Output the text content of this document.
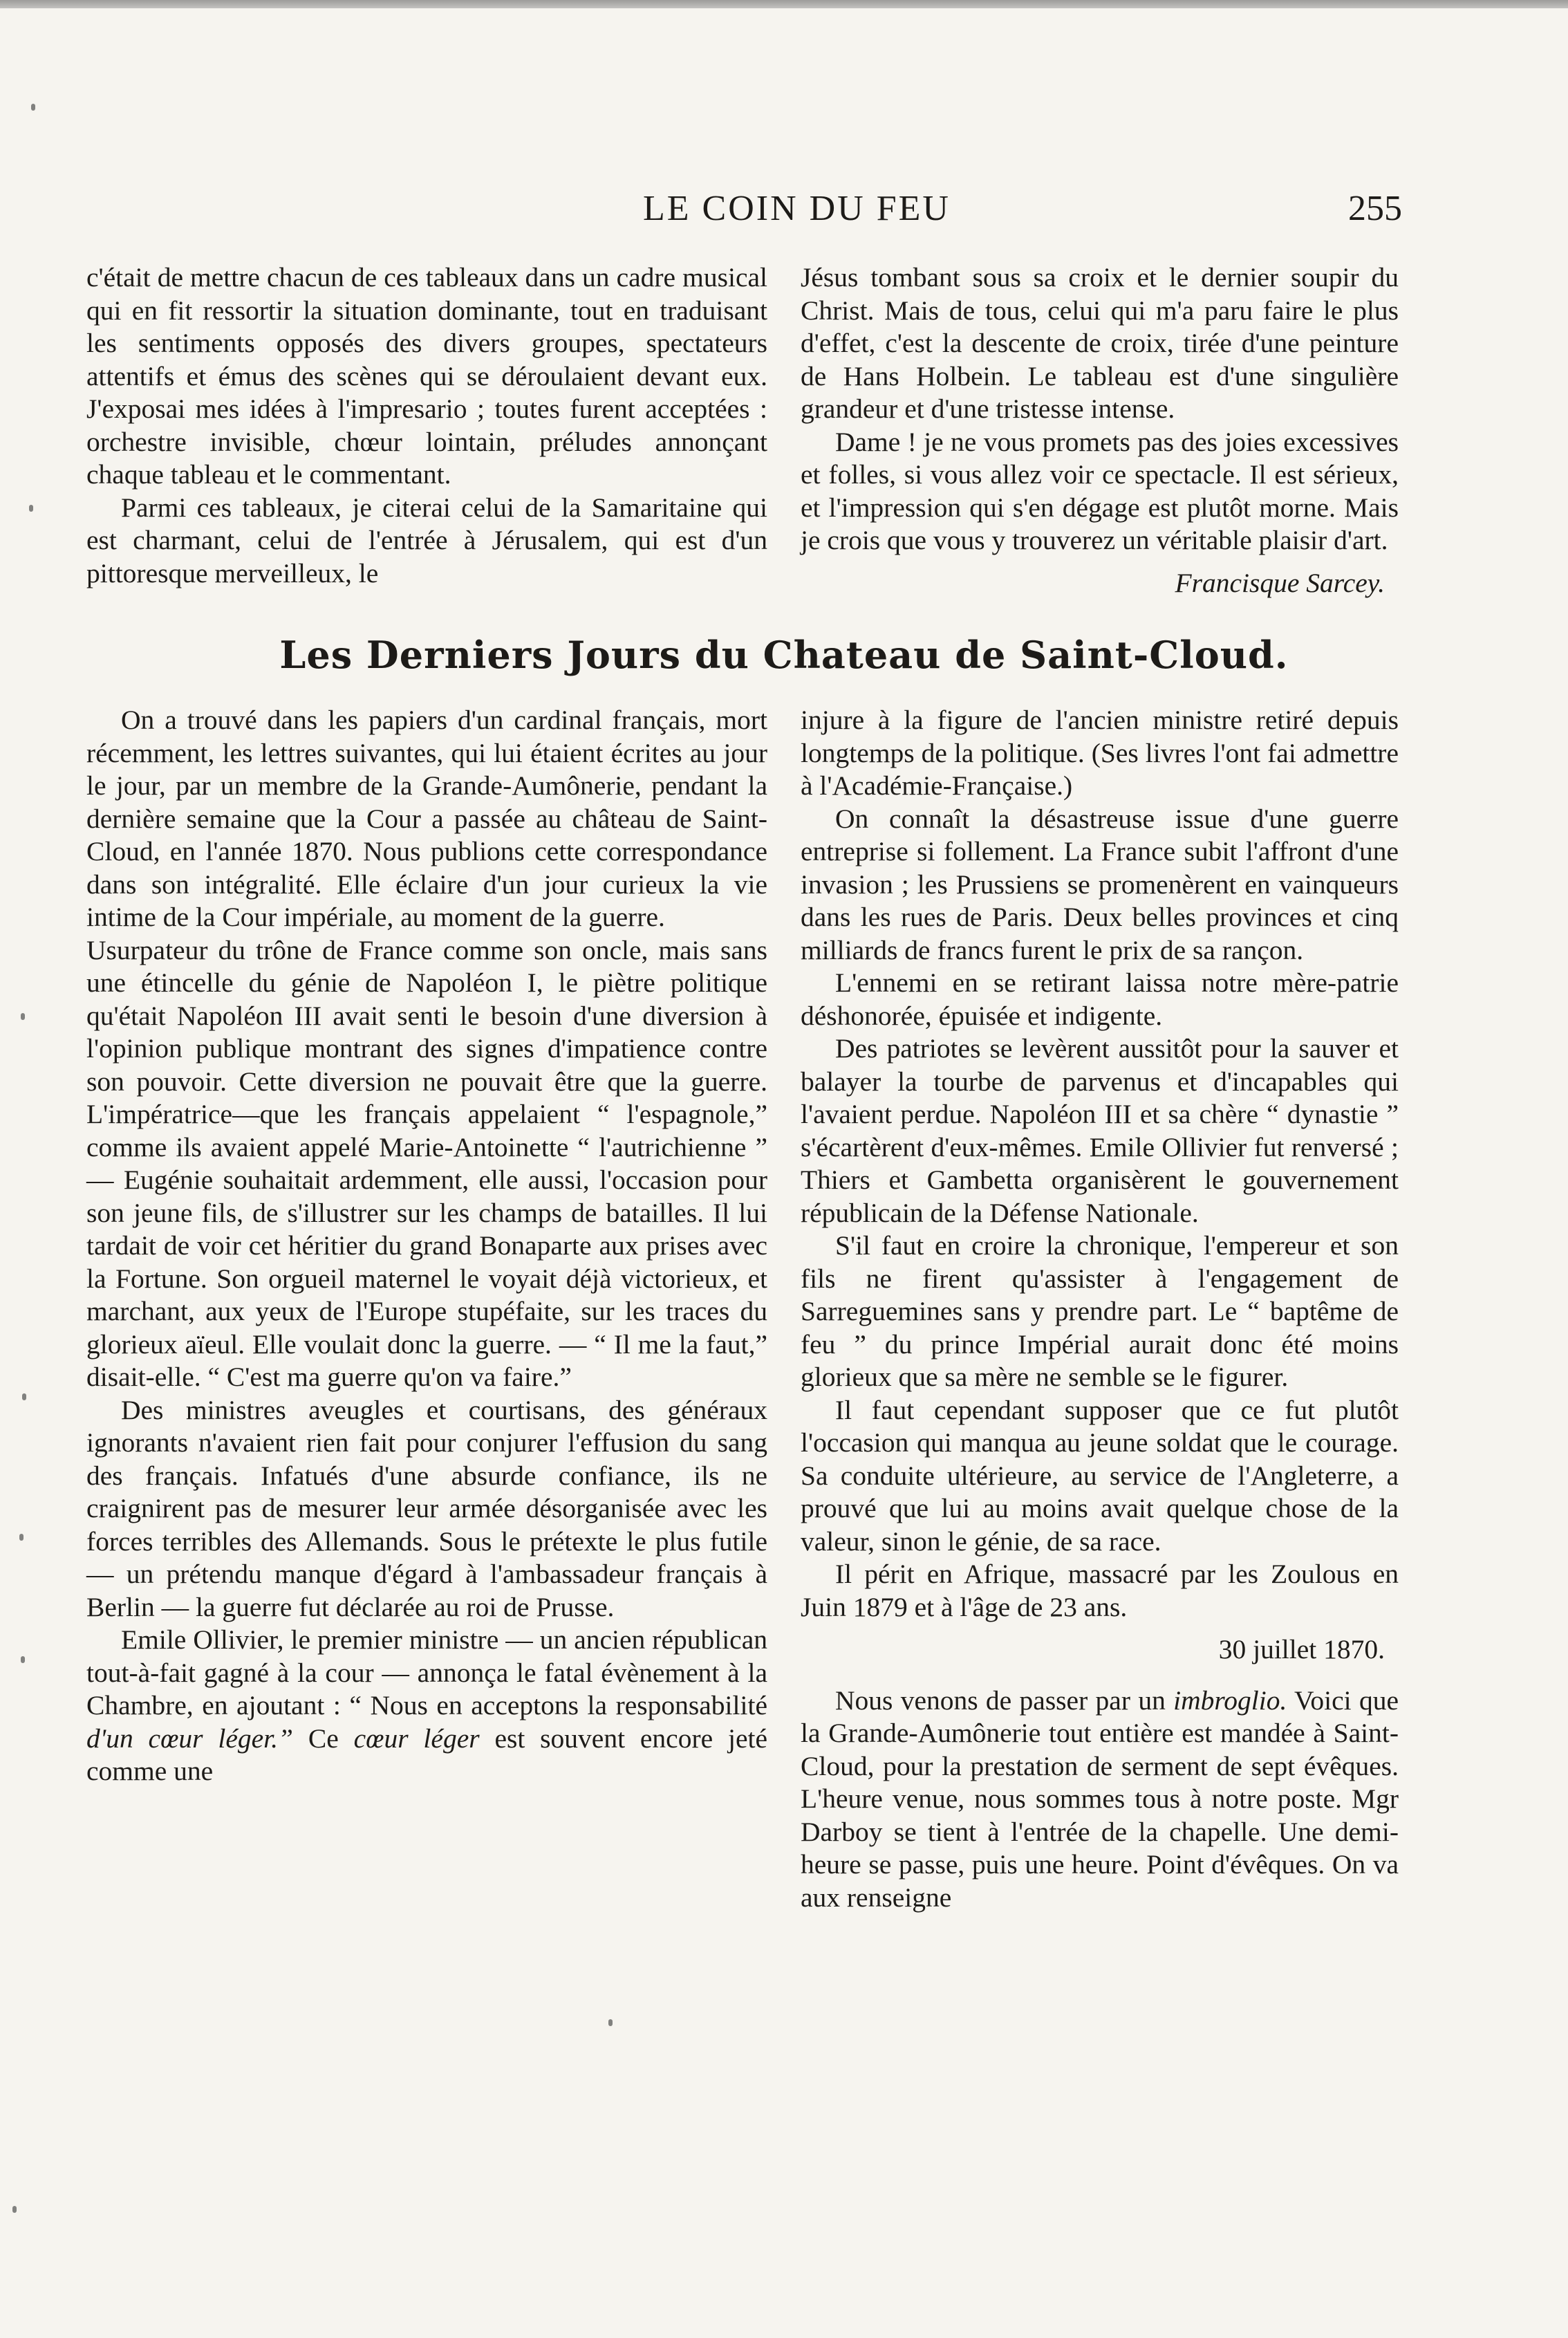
LE COIN DU FEU	255

c'était de mettre chacun de ces tableaux dans un cadre musical qui en fit ressortir la situation dominante, tout en traduisant les sentiments opposés des divers groupes, spectateurs attentifs et émus des scènes qui se déroulaient devant eux. J'exposai mes idées à l'impresario ; toutes furent acceptées : orchestre invisible, chœur lointain, préludes annonçant chaque tableau et le commentant.

Parmi ces tableaux, je citerai celui de la Samaritaine qui est charmant, celui de l'entrée à Jérusalem, qui est d'un pittoresque merveilleux, le

Jésus tombant sous sa croix et le dernier soupir du Christ. Mais de tous, celui qui m'a paru faire le plus d'effet, c'est la descente de croix, tirée d'une peinture de Hans Holbein. Le tableau est d'une singulière grandeur et d'une tristesse intense.

Dame ! je ne vous promets pas des joies excessives et folles, si vous allez voir ce spectacle. Il est sérieux, et l'impression qui s'en dégage est plutôt morne. Mais je crois que vous y trouverez un véritable plaisir d'art.

Francisque Sarcey.
Les Derniers Jours du Chateau de Saint-Cloud.

On a trouvé dans les papiers d'un cardinal français, mort récemment, les lettres suivantes, qui lui étaient écrites au jour le jour, par un membre de la Grande-Aumônerie, pendant la dernière semaine que la Cour a passée au château de Saint-Cloud, en l'année 1870. Nous publions cette correspondance dans son intégralité. Elle éclaire d'un jour curieux la vie intime de la Cour impériale, au moment de la guerre.

Usurpateur du trône de France comme son oncle, mais sans une étincelle du génie de Napoléon I, le piètre politique qu'était Napoléon III avait senti le besoin d'une diversion à l'opinion publique montrant des signes d'impatience contre son pouvoir. Cette diversion ne pouvait être que la guerre. L'impératrice—que les français appelaient “ l'espagnole,” comme ils avaient appelé Marie-Antoinette “ l'autrichienne ” — Eugénie souhaitait ardemment, elle aussi, l'occasion pour son jeune fils, de s'illustrer sur les champs de batailles. Il lui tardait de voir cet héritier du grand Bonaparte aux prises avec la Fortune. Son orgueil maternel le voyait déjà victorieux, et marchant, aux yeux de l'Europe stupéfaite, sur les traces du glorieux aïeul. Elle voulait donc la guerre. — “ Il me la faut,” disait-elle. “ C'est ma guerre qu'on va faire.”

Des ministres aveugles et courtisans, des généraux ignorants n'avaient rien fait pour conjurer l'effusion du sang des français. Infatués d'une absurde confiance, ils ne craignirent pas de mesurer leur armée désorganisée avec les forces terribles des Allemands. Sous le prétexte le plus futile — un prétendu manque d'égard à l'ambassadeur français à Berlin — la guerre fut déclarée au roi de Prusse.

Emile Ollivier, le premier ministre — un ancien républican tout-à-fait gagné à la cour — annonça le fatal évènement à la Chambre, en ajoutant : “ Nous en acceptons la responsabilité d'un cœur léger.” Ce cœur léger est souvent encore jeté comme une

injure à la figure de l'ancien ministre retiré depuis longtemps de la politique. (Ses livres l'ont fai admettre à l'Académie-Française.)

On connaît la désastreuse issue d'une guerre entreprise si follement. La France subit l'affront d'une invasion ; les Prussiens se promenèrent en vainqueurs dans les rues de Paris. Deux belles provinces et cinq milliards de francs furent le prix de sa rançon.

L'ennemi en se retirant laissa notre mère-patrie déshonorée, épuisée et indigente.

Des patriotes se levèrent aussitôt pour la sauver et balayer la tourbe de parvenus et d'incapables qui l'avaient perdue. Napoléon III et sa chère “ dynastie ” s'écartèrent d'eux-mêmes. Emile Ollivier fut renversé ; Thiers et Gambetta organisèrent le gouvernement républicain de la Défense Nationale.

S'il faut en croire la chronique, l'empereur et son fils ne firent qu'assister à l'engagement de Sarreguemines sans y prendre part. Le “ baptême de feu ” du prince Impérial aurait donc été moins glorieux que sa mère ne semble se le figurer.

Il faut cependant supposer que ce fut plutôt l'occasion qui manqua au jeune soldat que le courage. Sa conduite ultérieure, au service de l'Angleterre, a prouvé que lui au moins avait quelque chose de la valeur, sinon le génie, de sa race.

Il périt en Afrique, massacré par les Zoulous en Juin 1879 et à l'âge de 23 ans.

30 juillet 1870.

Nous venons de passer par un imbroglio. Voici que la Grande-Aumônerie tout entière est mandée à Saint-Cloud, pour la prestation de serment de sept évêques. L'heure venue, nous sommes tous à notre poste. Mgr Darboy se tient à l'entrée de la chapelle. Une demi-heure se passe, puis une heure. Point d'évêques. On va aux renseigne
